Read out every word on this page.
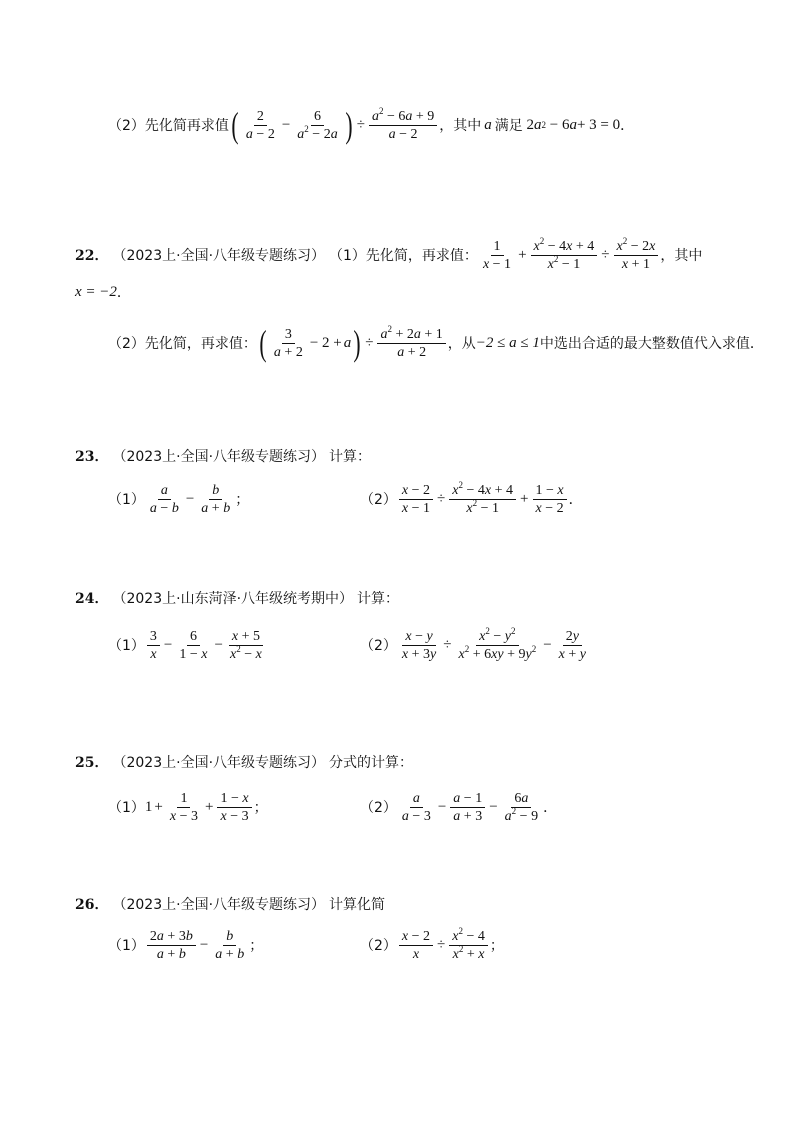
（2）先化简再求值 ( $\frac{2}{a - 2} - \frac{6}{a^2 - 2a}$ ) ÷ $\frac{a^2 - 6a + 9}{a - 2}$ ，其中 a 满足 2 a 2 − 6 a + 3 = 0 ．
22． （2023上·全国·八年级专题练习） （1）先化简，再求值： $\frac{1}{x - 1} + \frac{x^2 - 4x + 4}{x^2 - 1} \div \frac{x^2 - 2x}{x + 1}$ ，其中
x = −2 ．
（2）先化简，再求值： ( $\frac{3}{a + 2} - 2 + a$ ) ÷ $\frac{a^2 + 2a + 1}{a + 2}$ ，从 −2 ≤ a ≤ 1 中选出合适的最大整数值代入求值．
23． （2023上·全国·八年级专题练习） 计算：
$(1) \frac{a}{a - b} - \frac{b}{a + b}$ ；	$(2) \frac{x - 2}{x - 1} \div \frac{x^2 - 4x + 4}{x^2 - 1} + \frac{1 - x}{x - 2}$ ．
24． （2023上·山东菏泽·八年级统考期中） 计算：
$(1) \frac{3}{x} - \frac{6}{1 - x} - \frac{x + 5}{x^2 - x}$	$(2) \frac{x - y}{x + 3y} \div \frac{x^2 - y^2}{x^2 + 6xy + 9y^2} - \frac{2y}{x + y}$
25． （2023上·全国·八年级专题练习） 分式的计算：
（1） $1 + \frac{1}{x - 3} + \frac{1 - x}{x - 3}$ ；	$(2) \frac{a}{a - 3} - \frac{a - 1}{a + 3} - \frac{6a}{a^2 - 9}$ ．
26． （2023上·全国·八年级专题练习） 计算化简
$(1) \frac{2a + 3b}{a + b} - \frac{b}{a + b}$ ；	$(2) \frac{x - 2}{x} \div \frac{x^2 - 4}{x^2 + x}$ ；
